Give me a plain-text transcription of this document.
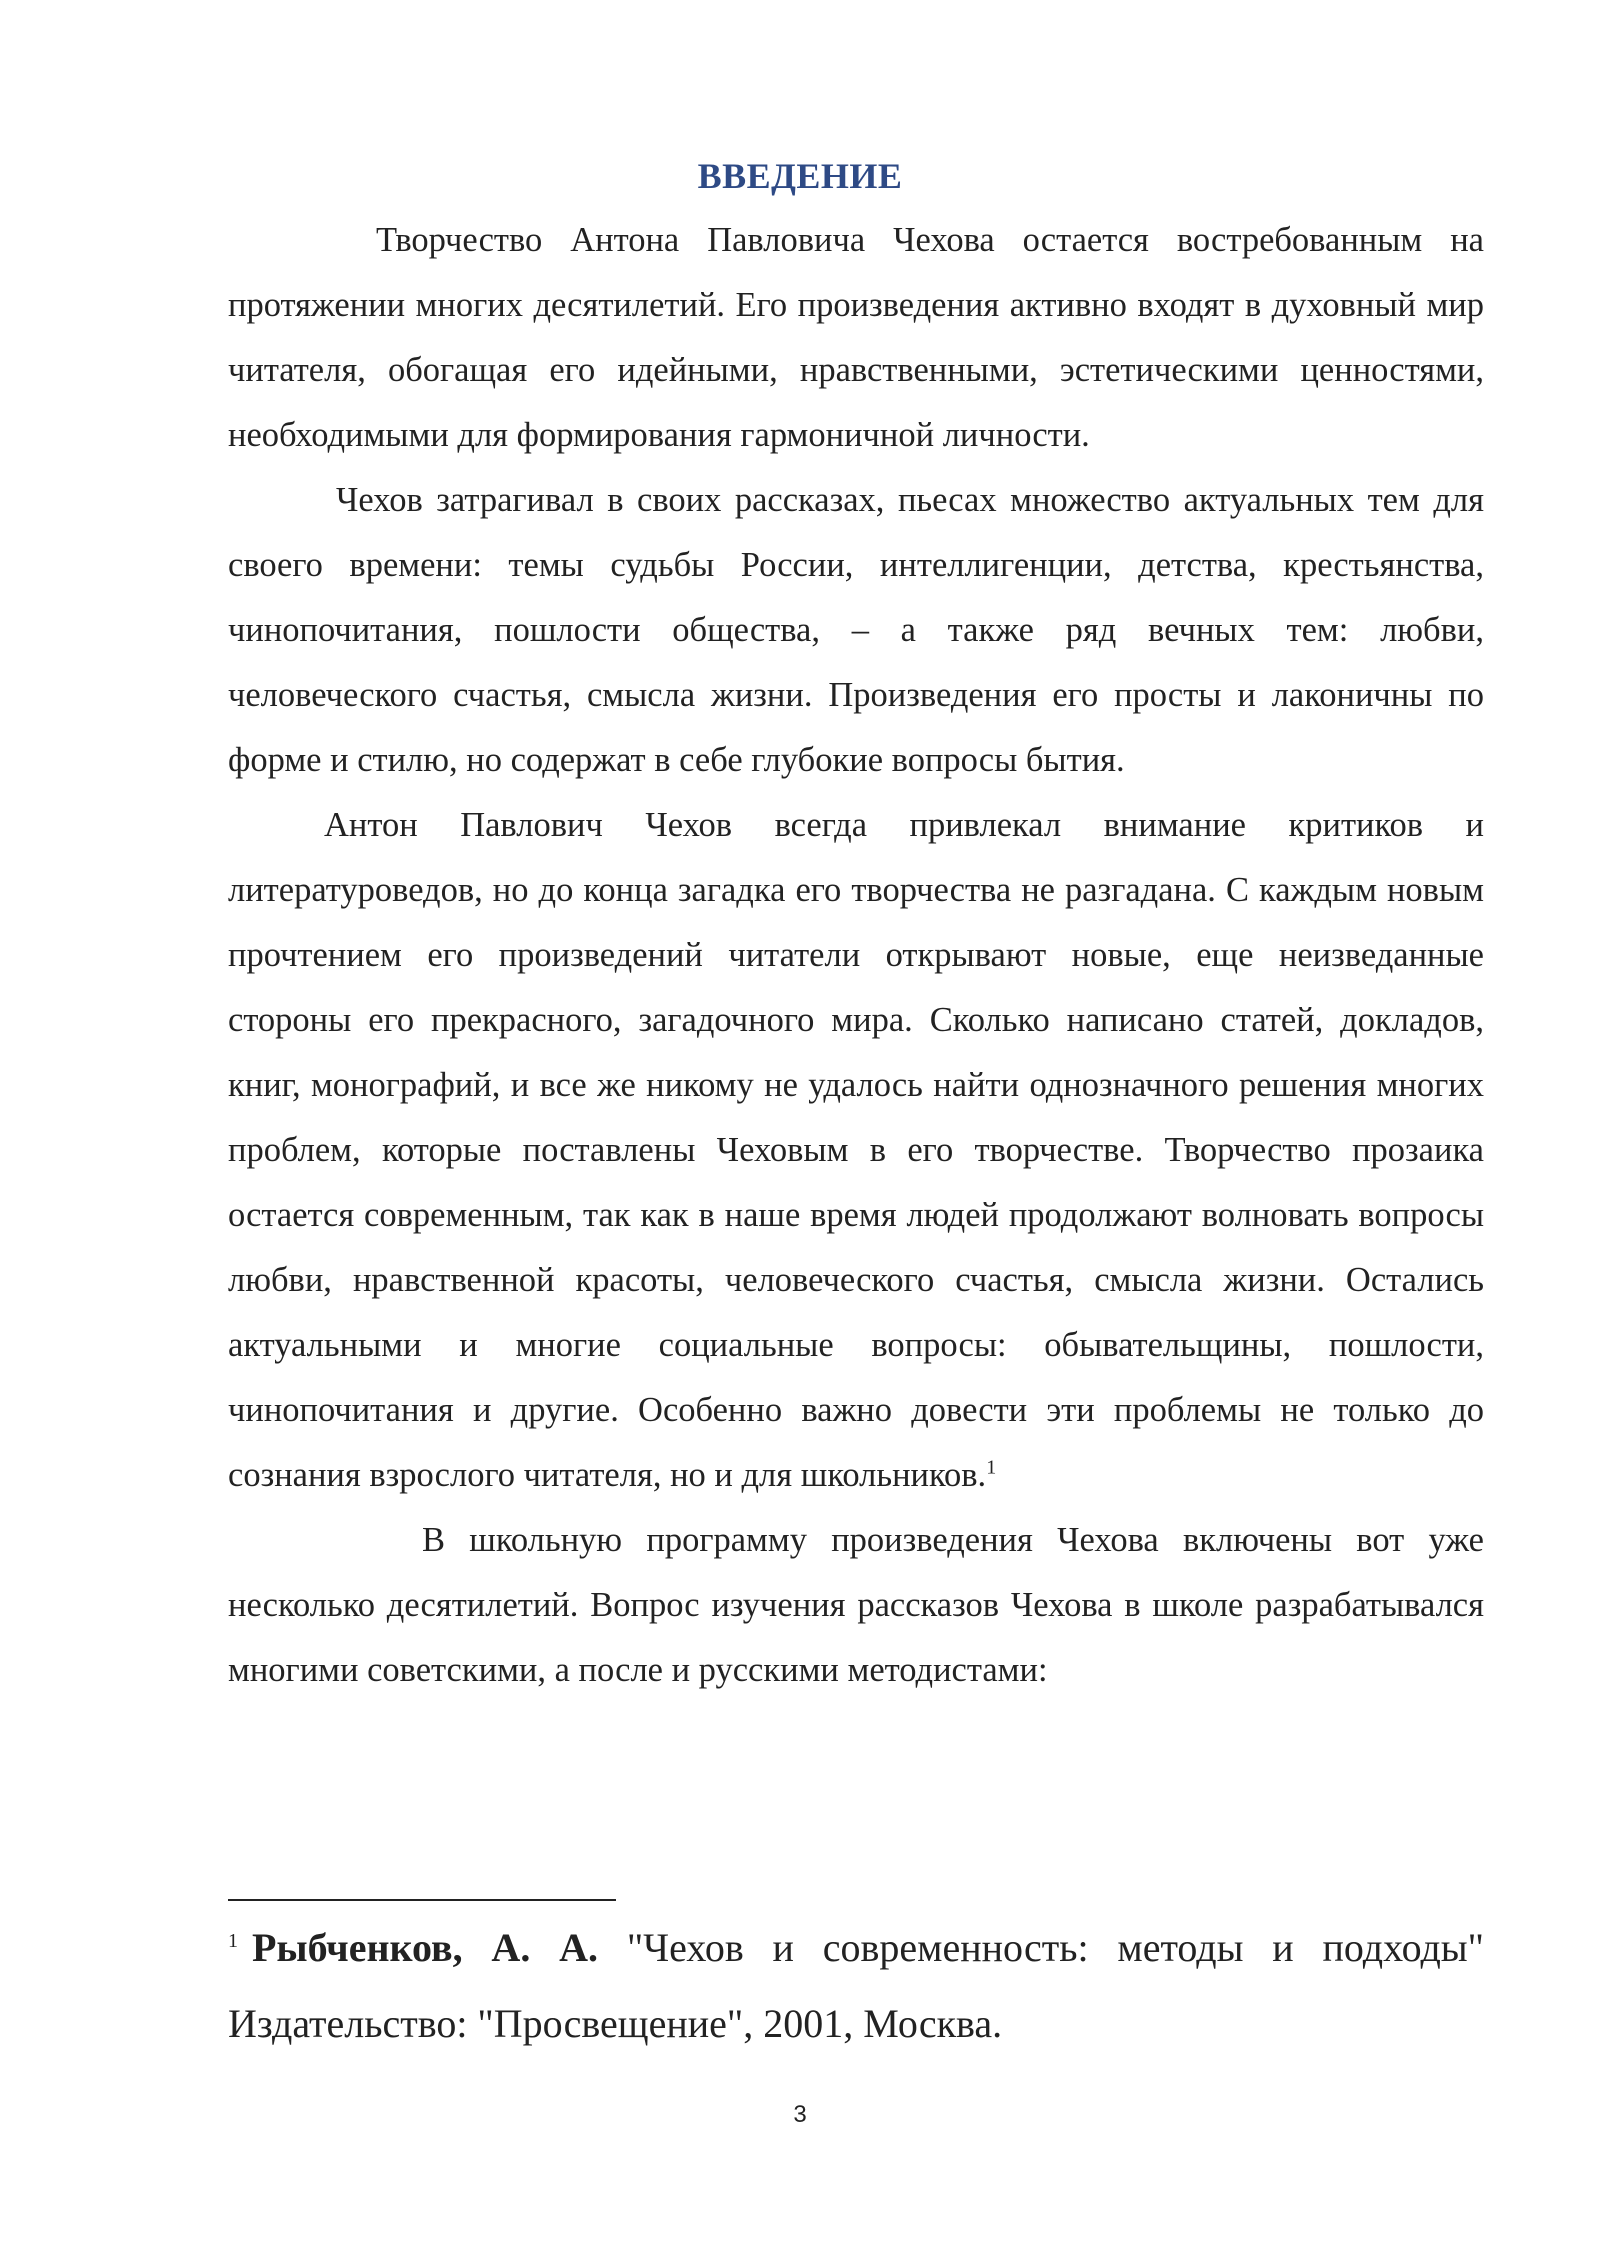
ВВЕДЕНИЕ

Творчество Антона Павловича Чехова остается востребованным на протяжении многих десятилетий. Его произведения активно входят в духовный мир читателя, обогащая его идейными, нравственными, эстетическими ценностями, необходимыми для формирования гармоничной личности.

Чехов затрагивал в своих рассказах, пьесах множество актуальных тем для своего времени: темы судьбы России, интеллигенции, детства, крестьянства, чинопочитания, пошлости общества, – а также ряд вечных тем: любви, человеческого счастья, смысла жизни. Произведения его просты и лаконичны по форме и стилю, но содержат в себе глубокие вопросы бытия.

Антон Павлович Чехов всегда привлекал внимание критиков и литературоведов, но до конца загадка его творчества не разгадана. С каждым новым прочтением его произведений читатели открывают новые, еще неизведанные стороны его прекрасного, загадочного мира. Сколько написано статей, докладов, книг, монографий, и все же никому не удалось найти однозначного решения многих проблем, которые поставлены Чеховым в его творчестве. Творчество прозаика остается современным, так как в наше время людей продолжают волновать вопросы любви, нравственной красоты, человеческого счастья, смысла жизни. Остались актуальными и многие социальные вопросы: обывательщины, пошлости, чинопочитания и другие. Особенно важно довести эти проблемы не только до сознания взрослого читателя, но и для школьников.$^1$

В школьную программу произведения Чехова включены вот уже несколько десятилетий. Вопрос изучения рассказов Чехова в школе разрабатывался многими советскими, а после и русскими методистами:

$^1$ Рыбченков, А. А. "Чехов и современность: методы и подходы" Издательство: "Просвещение", 2001, Москва.

3
